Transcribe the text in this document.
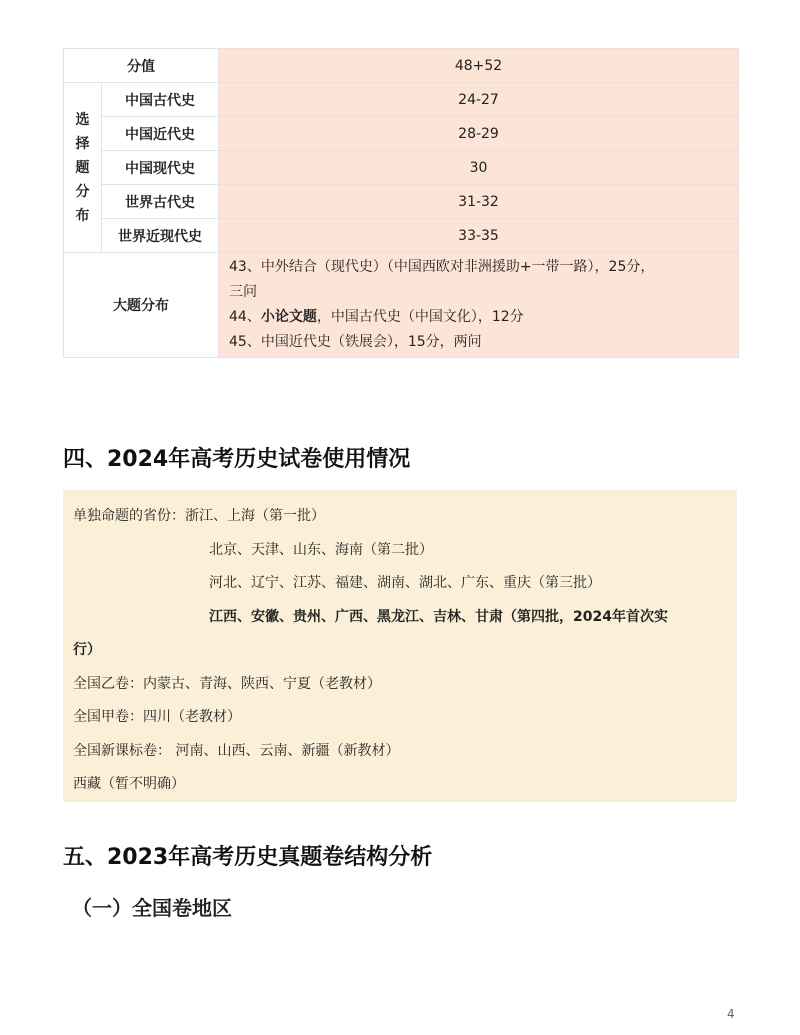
分值		48+52

选
择
题
分
布	中国古代史	24-27
	中国近代史	28-29
	中国现代史	30
	世界古代史	31-32
	世界近现代史	33-35
大题分布		43、中外结合（现代史）（中国西欧对非洲援助+一带一路），25分，
三问
44、小论文题，中国古代史（中国文化），12分
45、中国近代史（铁展会），15分，两问
四、2024年高考历史试卷使用情况
单独命题的省份：浙江、上海（第一批）
北京、天津、山东、海南（第二批）
河北、辽宁、江苏、福建、湖南、湖北、广东、重庆（第三批）
江西、安徽、贵州、广西、黑龙江、吉林、甘肃（第四批，2024年首次实
行）
全国乙卷：内蒙古、青海、陕西、宁夏（老教材）
全国甲卷：四川（老教材）
全国新课标卷： 河南、山西、云南、新疆（新教材）
西藏（暂不明确）
五、2023年高考历史真题卷结构分析
（一）全国卷地区
4
